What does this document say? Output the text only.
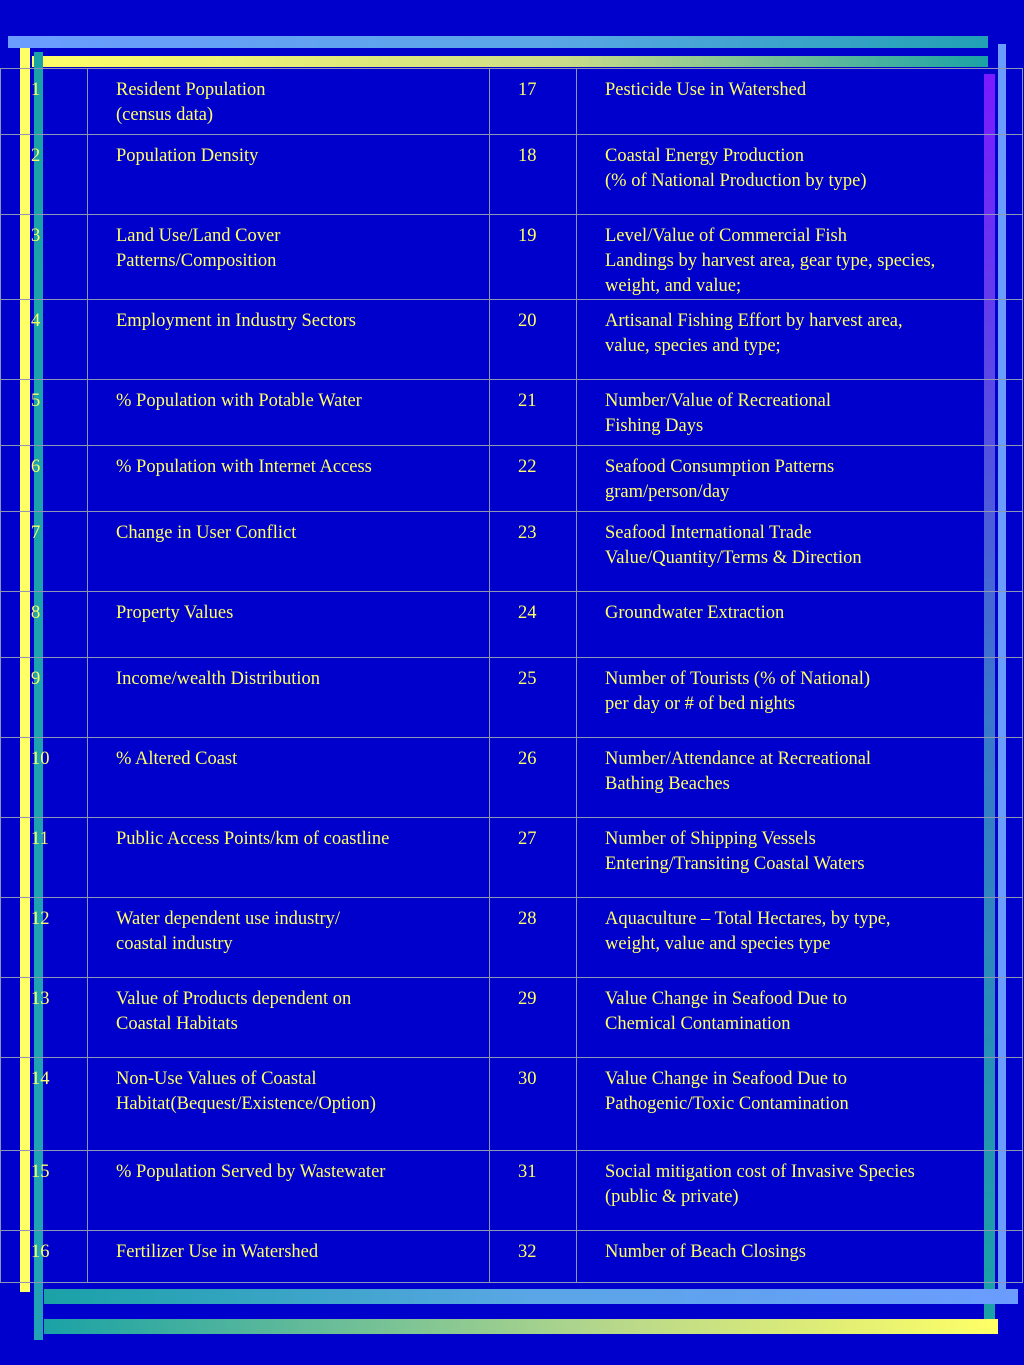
1	Resident Population
(census data)	17	Pesticide Use in Watershed

2	Population Density	18	Coastal Energy Production
(% of National Production by type)

3	Land Use/Land Cover
Patterns/Composition	19	Level/Value of Commercial Fish
Landings by harvest area, gear type, species,
weight, and value;

4	Employment in Industry Sectors	20	Artisanal Fishing Effort by harvest area,
value, species and type;

5	% Population with Potable Water	21	Number/Value of Recreational
Fishing Days

6	% Population with Internet Access	22	Seafood Consumption Patterns
gram/person/day

7	Change in User Conflict	23	Seafood International Trade
Value/Quantity/Terms & Direction

8	Property Values	24	Groundwater Extraction

9	Income/wealth Distribution	25	Number of Tourists (% of National)
per day or # of bed nights

10	% Altered Coast	26	Number/Attendance at Recreational
Bathing Beaches

11	Public Access Points/km of coastline	27	Number of Shipping Vessels
Entering/Transiting Coastal Waters

12	Water dependent use industry/
coastal industry	28	Aquaculture – Total Hectares, by type,
weight, value and species type

13	Value of Products dependent on
Coastal Habitats	29	Value Change in Seafood Due to
Chemical Contamination

14	Non-Use Values of Coastal
Habitat(Bequest/Existence/Option)	30	Value Change in Seafood Due to
Pathogenic/Toxic Contamination

15	% Population Served by Wastewater	31	Social mitigation cost of Invasive Species
(public & private)

16	Fertilizer Use in Watershed	32	Number of Beach Closings
